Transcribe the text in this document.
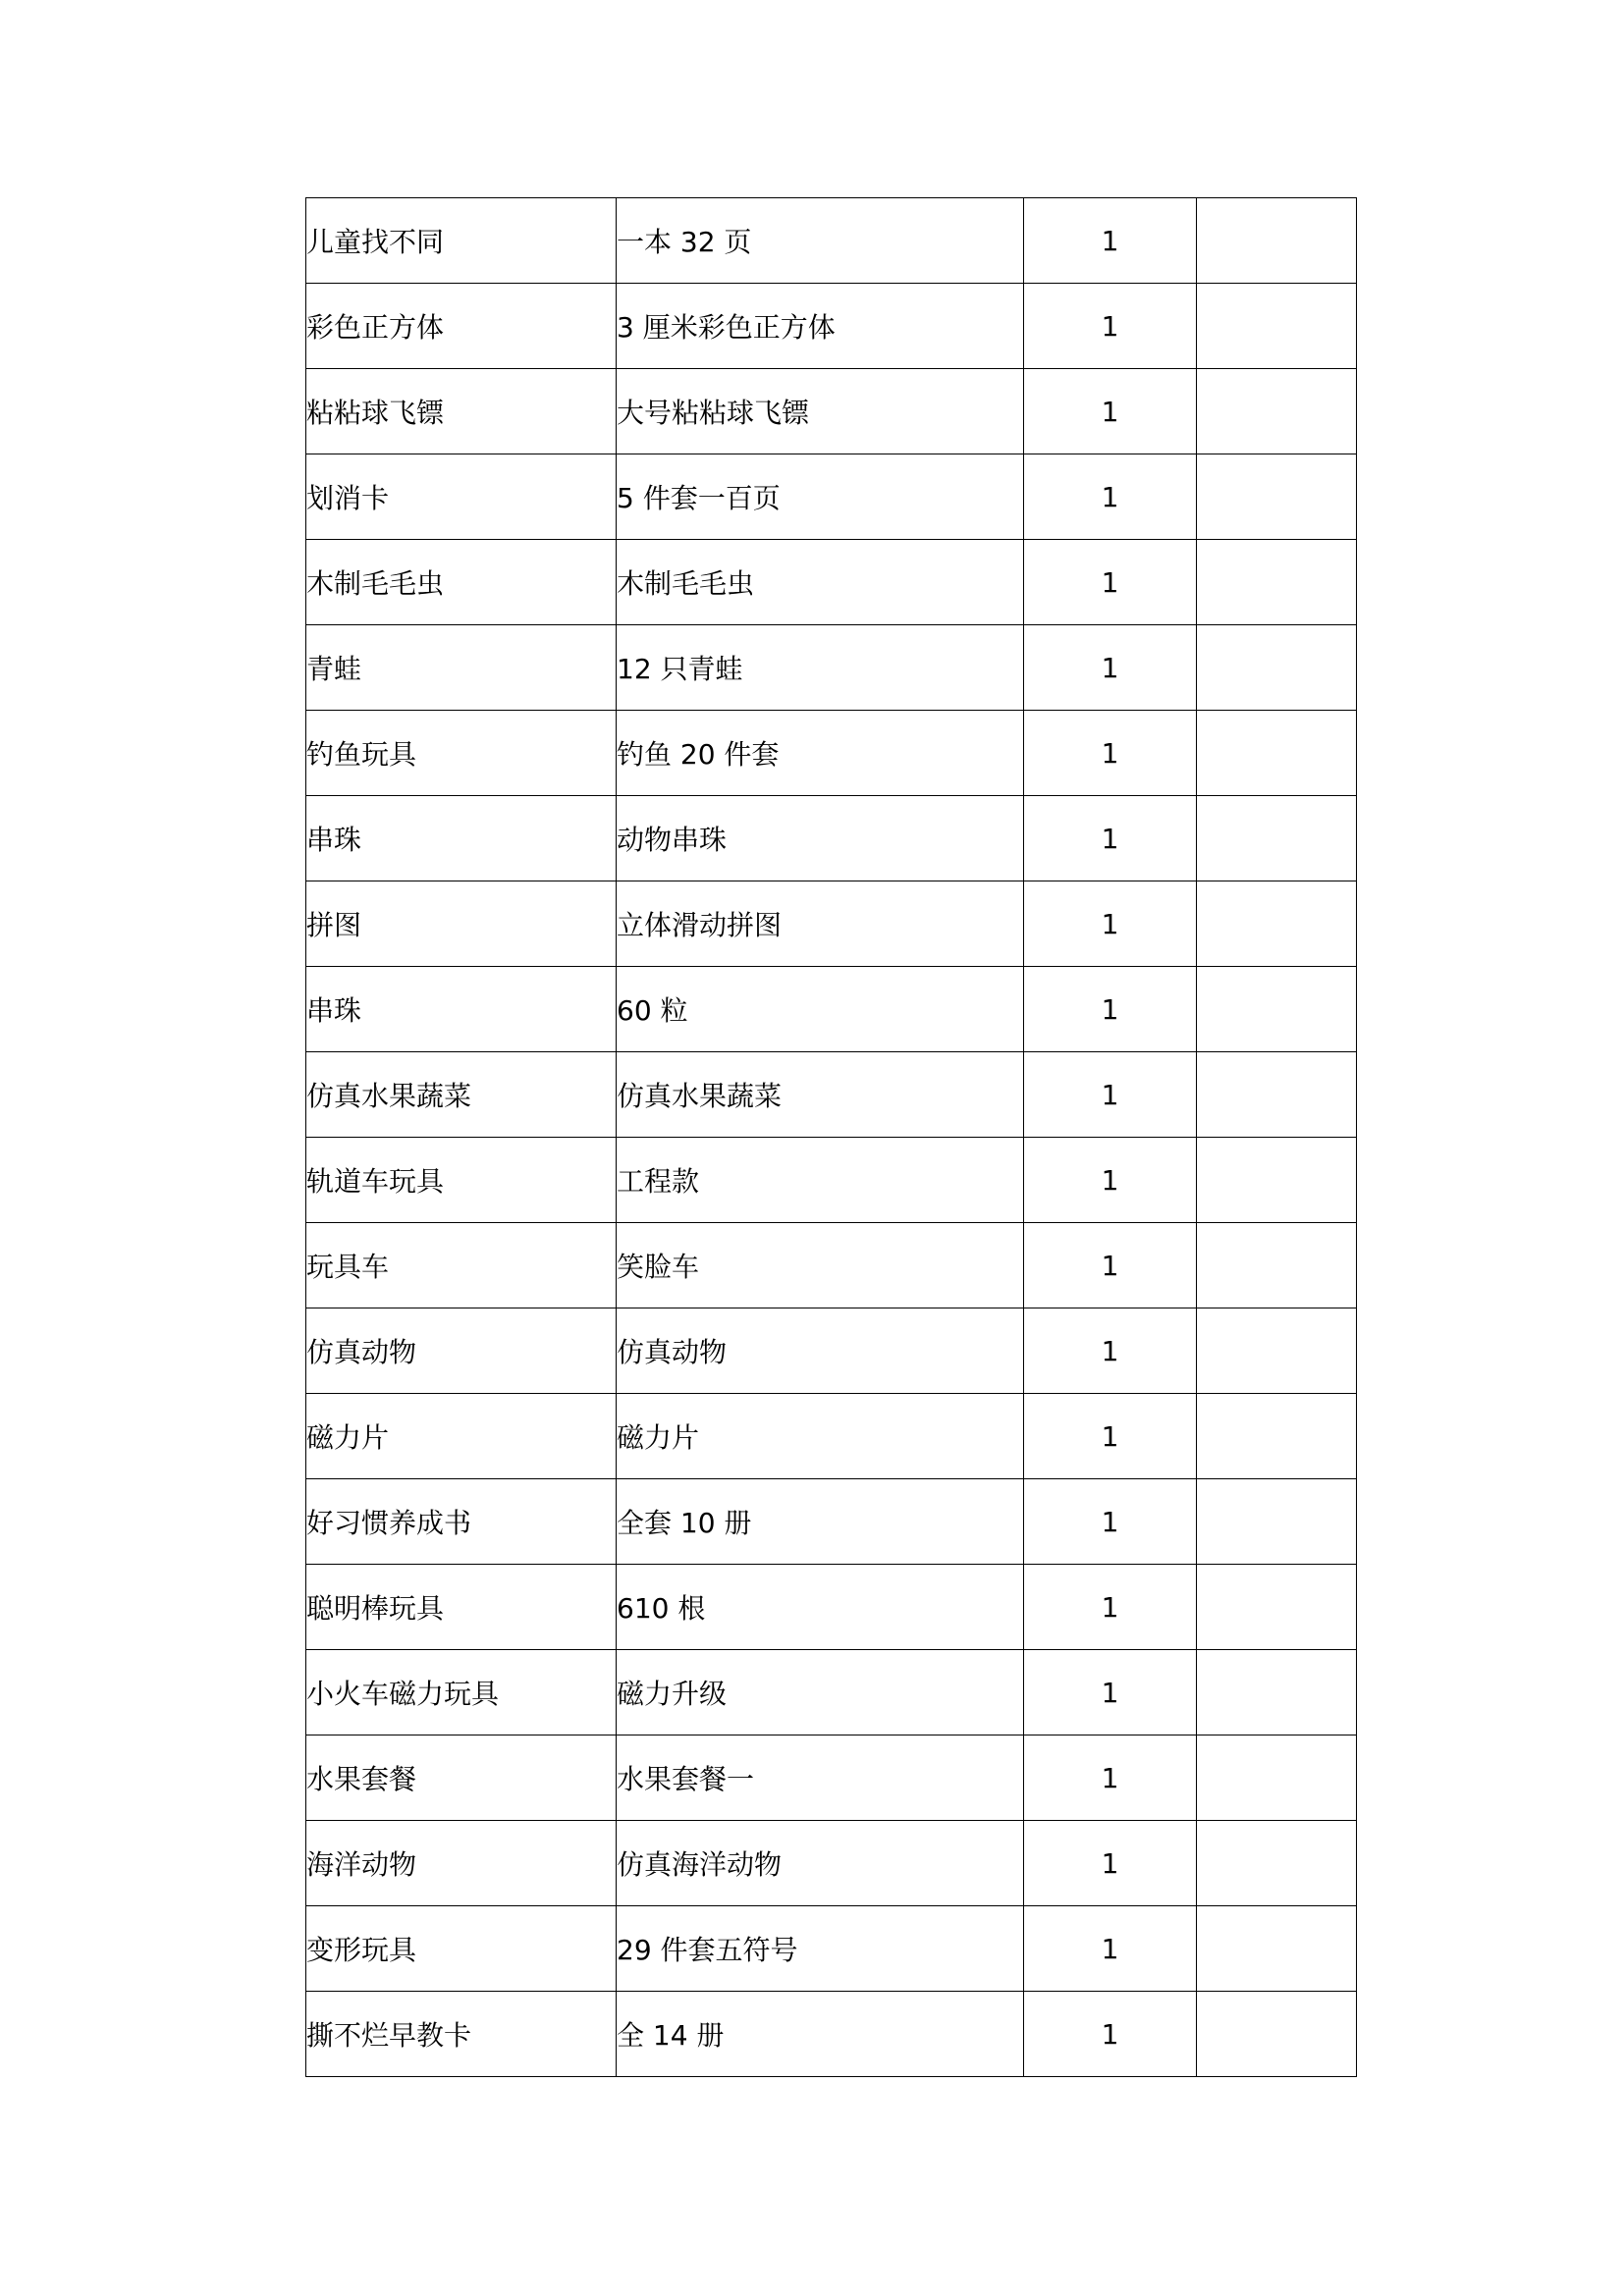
儿童找不同	一本 32 页	1	
彩色正方体	3 厘米彩色正方体	1	
粘粘球飞镖	大号粘粘球飞镖	1	
划消卡	5 件套一百页	1	
木制毛毛虫	木制毛毛虫	1	
青蛙	12 只青蛙	1	
钓鱼玩具	钓鱼 20 件套	1	
串珠	动物串珠	1	
拼图	立体滑动拼图	1	
串珠	60 粒	1	
仿真水果蔬菜	仿真水果蔬菜	1	
轨道车玩具	工程款	1	
玩具车	笑脸车	1	
仿真动物	仿真动物	1	
磁力片	磁力片	1	
好习惯养成书	全套 10 册	1	
聪明棒玩具	610 根	1	
小火车磁力玩具	磁力升级	1	
水果套餐	水果套餐一	1	
海洋动物	仿真海洋动物	1	
变形玩具	29 件套五符号	1	
撕不烂早教卡	全 14 册	1	
